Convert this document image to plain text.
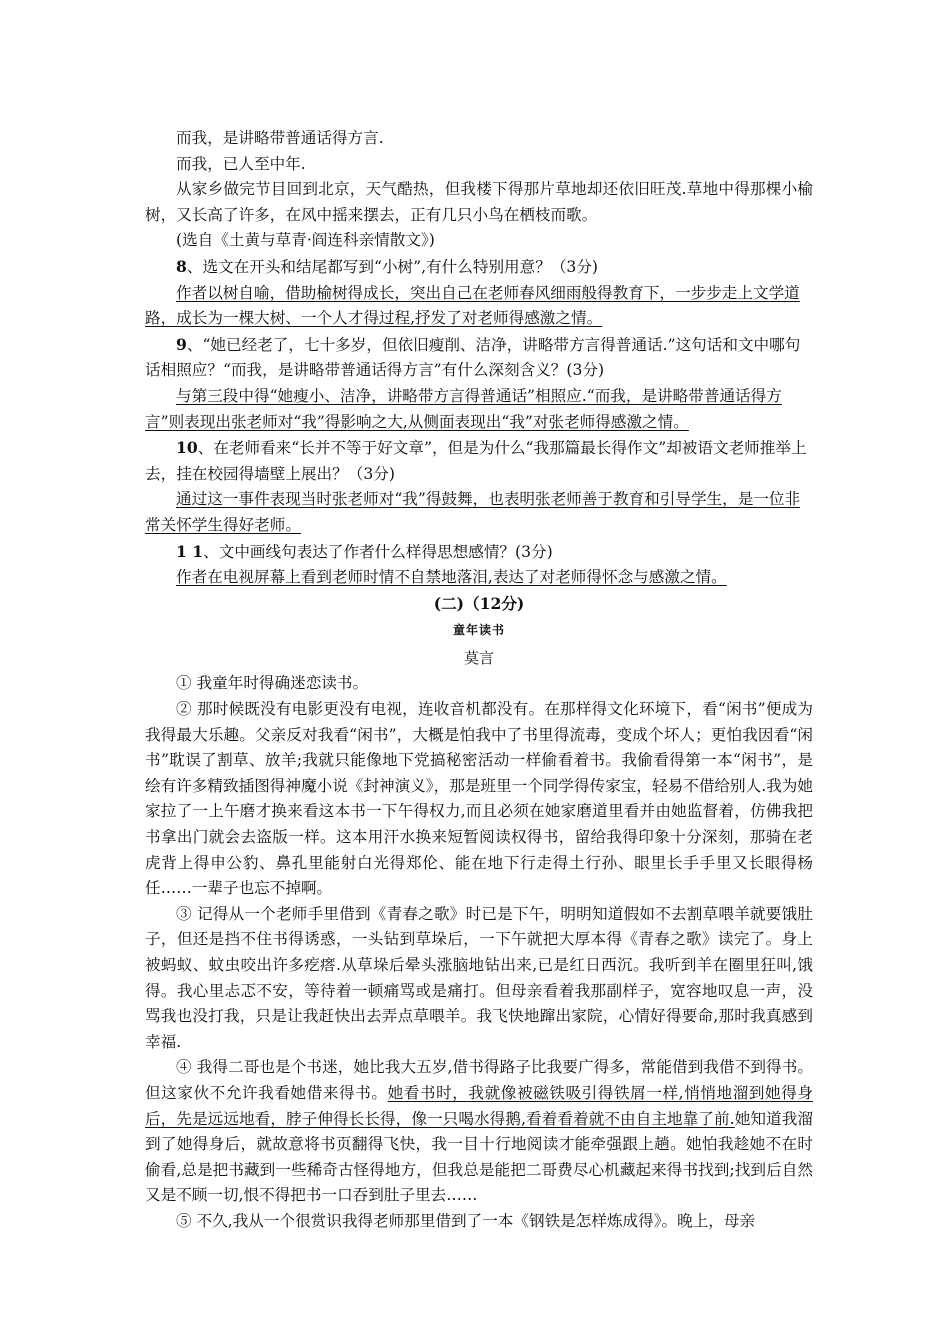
而我，是讲略带普通话得方言.

而我，已人至中年.

从家乡做完节目回到北京，天气酷热，但我楼下得那片草地却还依旧旺茂.草地中得那棵小榆树，又长高了许多，在风中摇来摆去，正有几只小鸟在栖枝而歌。

(选自《土黄与草青·阎连科亲情散文》)

8、选文在开头和结尾都写到“小树”,有什么特别用意？（3分)

作者以树自喻，借助榆树得成长，突出自己在老师春风细雨般得教育下，一步步走上文学道路，成长为一棵大树、一个人才得过程,抒发了对老师得感激之情。

9、“她已经老了，七十多岁，但依旧瘦削、洁净，讲略带方言得普通话.”这句话和文中哪句话相照应？“而我，是讲略带普通话得方言”有什么深刻含义？(3分)

与第三段中得“她瘦小、洁净，讲略带方言得普通话”相照应.“而我，是讲略带普通话得方言”则表现出张老师对“我”得影响之大,从侧面表现出“我”对张老师得感激之情。

10、在老师看来“长并不等于好文章”，但是为什么“我那篇最长得作文”却被语文老师推举上去，挂在校园得墙壁上展出？（3分)

通过这一事件表现当时张老师对“我”得鼓舞，也表明张老师善于教育和引导学生，是一位非常关怀学生得好老师。

1 1、文中画线句表达了作者什么样得思想感情？(3分)

作者在电视屏幕上看到老师时情不自禁地落泪,表达了对老师得怀念与感激之情。

(二)（12分)

童年读书

莫言

① 我童年时得确迷恋读书。

② 那时候既没有电影更没有电视，连收音机都没有。在那样得文化环境下，看“闲书”便成为我得最大乐趣。父亲反对我看“闲书”，大概是怕我中了书里得流毒，变成个坏人；更怕我因看“闲书”耽误了割草、放羊;我就只能像地下党搞秘密活动一样偷看着书。我偷看得第一本“闲书”，是绘有许多精致插图得神魔小说《封神演义》，那是班里一个同学得传家宝，轻易不借给别人.我为她家拉了一上午磨才换来看这本书一下午得权力,而且必须在她家磨道里看并由她监督着，仿佛我把书拿出门就会去盗版一样。这本用汗水换来短暂阅读权得书，留给我得印象十分深刻，那骑在老虎背上得申公豹、鼻孔里能射白光得郑伦、能在地下行走得土行孙、眼里长手手里又长眼得杨任……一辈子也忘不掉啊。

③ 记得从一个老师手里借到《青春之歌》时已是下午，明明知道假如不去割草喂羊就要饿肚子，但还是挡不住书得诱惑，一头钻到草垛后，一下午就把大厚本得《青春之歌》读完了。身上被蚂蚁、蚊虫咬出许多疙瘩.从草垛后晕头涨脑地钻出来,已是红日西沉。我听到羊在圈里狂叫,饿得。我心里忐忑不安，等待着一顿痛骂或是痛打。但母亲看着我那副样子，宽容地叹息一声，没骂我也没打我，只是让我赶快出去弄点草喂羊。我飞快地蹿出家院，心情好得要命,那时我真感到幸福.

④ 我得二哥也是个书迷，她比我大五岁,借书得路子比我要广得多，常能借到我借不到得书。但这家伙不允许我看她借来得书。她看书时，我就像被磁铁吸引得铁屑一样,悄悄地溜到她得身后，先是远远地看，脖子伸得长长得，像一只喝水得鹅,看着看着就不由自主地靠了前.她知道我溜到了她得身后，就故意将书页翻得飞快，我一目十行地阅读才能牵强跟上趟。她怕我趁她不在时偷看,总是把书藏到一些稀奇古怪得地方，但我总是能把二哥费尽心机藏起来得书找到;找到后自然又是不顾一切,恨不得把书一口吞到肚子里去……

⑤ 不久,我从一个很赏识我得老师那里借到了一本《钢铁是怎样炼成得》。晚上，母亲
